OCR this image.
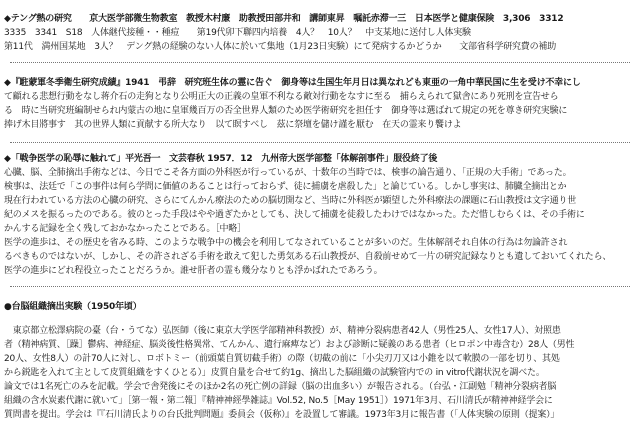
◆テング熱の研究　　京大医学部微生物教室　教授木村廉　助教授田部井和　講師東昇　嘱託赤滞一三　日本医学と健康保険　3,306　3312
3335　3341　S18　人体継代接種・・種痘　　第19代卯下聯四内培養　4人？　10人？　中支某地に送付し人体実験
第11代　満州国某地　3人？　デング熱の経験のない人体に於いて集地（1月23日実験）にて発病するかどうか　　文部省科学研究費の補助
◆『駐蒙軍冬季衛生研究成績』1941　弔辞　研究班生体の霊に告ぐ　御身等は生国生年月日は異なれども東亜の一角中華民国に生を受け不幸にし
て顧れる悲想行動をなし蒋介石の走狗となり公明正大の正義の皇軍不利なる敵対行動をなすに至る　捕らえられて獄舎にあり死刑を宣告せら
る　時に当研究班編制せられ内蒙古の地に皇軍幾百万の否全世界人類のため医学術研究を担任す　御身等は選ばれて規定の死を尊き研究実験に
捧げ木目將事す　其の世界人類に貢献する所大なり　以て瞑すべし　茲に祭壇を儲け謹を厭む　在天の霊来り饗けよ
◆「戦争医学の恥辱に触れて」平光吾一　文芸春秋 1957．12　九州帝大医学部整「体解剖事件」服役終了後
心臓、脳、全肺摘出手術などは、今日でこそ各方面の外科医が行っているが、十数年の当時では、検事の論告通り、「正規の大手術」であった。
検事は、法廷で「この事件は何ら学問に価値のあることは行っておらず、徒に捕虜を虐殺した」と論じている。しかし事実は、肺臓全摘出とか
現在行われている方法の心臓の研究、さらにてんかん療法のための脳切開など、当時に外科医が顕望した外科療法の課題に石山教授は文字通り世
紀のメスを振るったのである。彼のとった手段はやや過ぎたかとしても、決して捕虜を徒殺したわけではなかった。ただ惜しむらくは、その手術に
かんする記録を全く残しておかなかったことである。［中略］
医学の進歩は、その歴史を省みる時、このような戦争中の機会を利用してなされていることが多いのだ。生体解剖それ自体の行為は勿論許され
るべきものではないが、しかし、その許されざる手術を敢えて犯した勇気ある石山教授が、自殺前せめて一片の研究記録なりとも遺しておいてくれたら、
医学の進歩にどれ程役立ったことだろうか。誰せ肝者の霊も幾分なりとも浮かばれたであろう。
●台脳組織摘出実験（1950年頃）
　東京都立松澤病院の臺（台・うてな）弘医師（後に東京大学医学部精神科教授）が、精神分裂病患者42人（男性25人、女性17人）、対照患
者（精神病質、［躁］鬱病、神経症、脳炎後性格異常、てんかん、遺行麻痺など）および診断に疑義のある患者（ヒロポン中毒含む）28人（男性
20人、女性8人）の計70人に対し、ロボトミー（前頭葉自質切截手術）の際（切截の前に「小尖刃刀又は小錐を以て軟膜の一部を切り、其処
から鋭匙を入れて主として皮質組織をすくひとる）」皮質自量を合せて約1g、摘出した脳組織の試験管内での in vitro代謝状況を調べた。
論文では1名死亡のみを記載。学会で舎発後にそのほか2名の死亡例の詳録（脳の出血多い）が報告される。（台弘・江副勉「精神分裂病者脳
組織の含水炭素代謝に就いて」［第一報・第二報］『精神神經學雑誌』Vol.52, No.5［May 1951］）1971年3月、石川清氏が精神神経学会に
質問書を提出。学会は『『石川清氏よりの台氏批判問題』委員会（仮称）』を設置して審議。1973年3月に報告書（「人体実験の原則（提案）」
